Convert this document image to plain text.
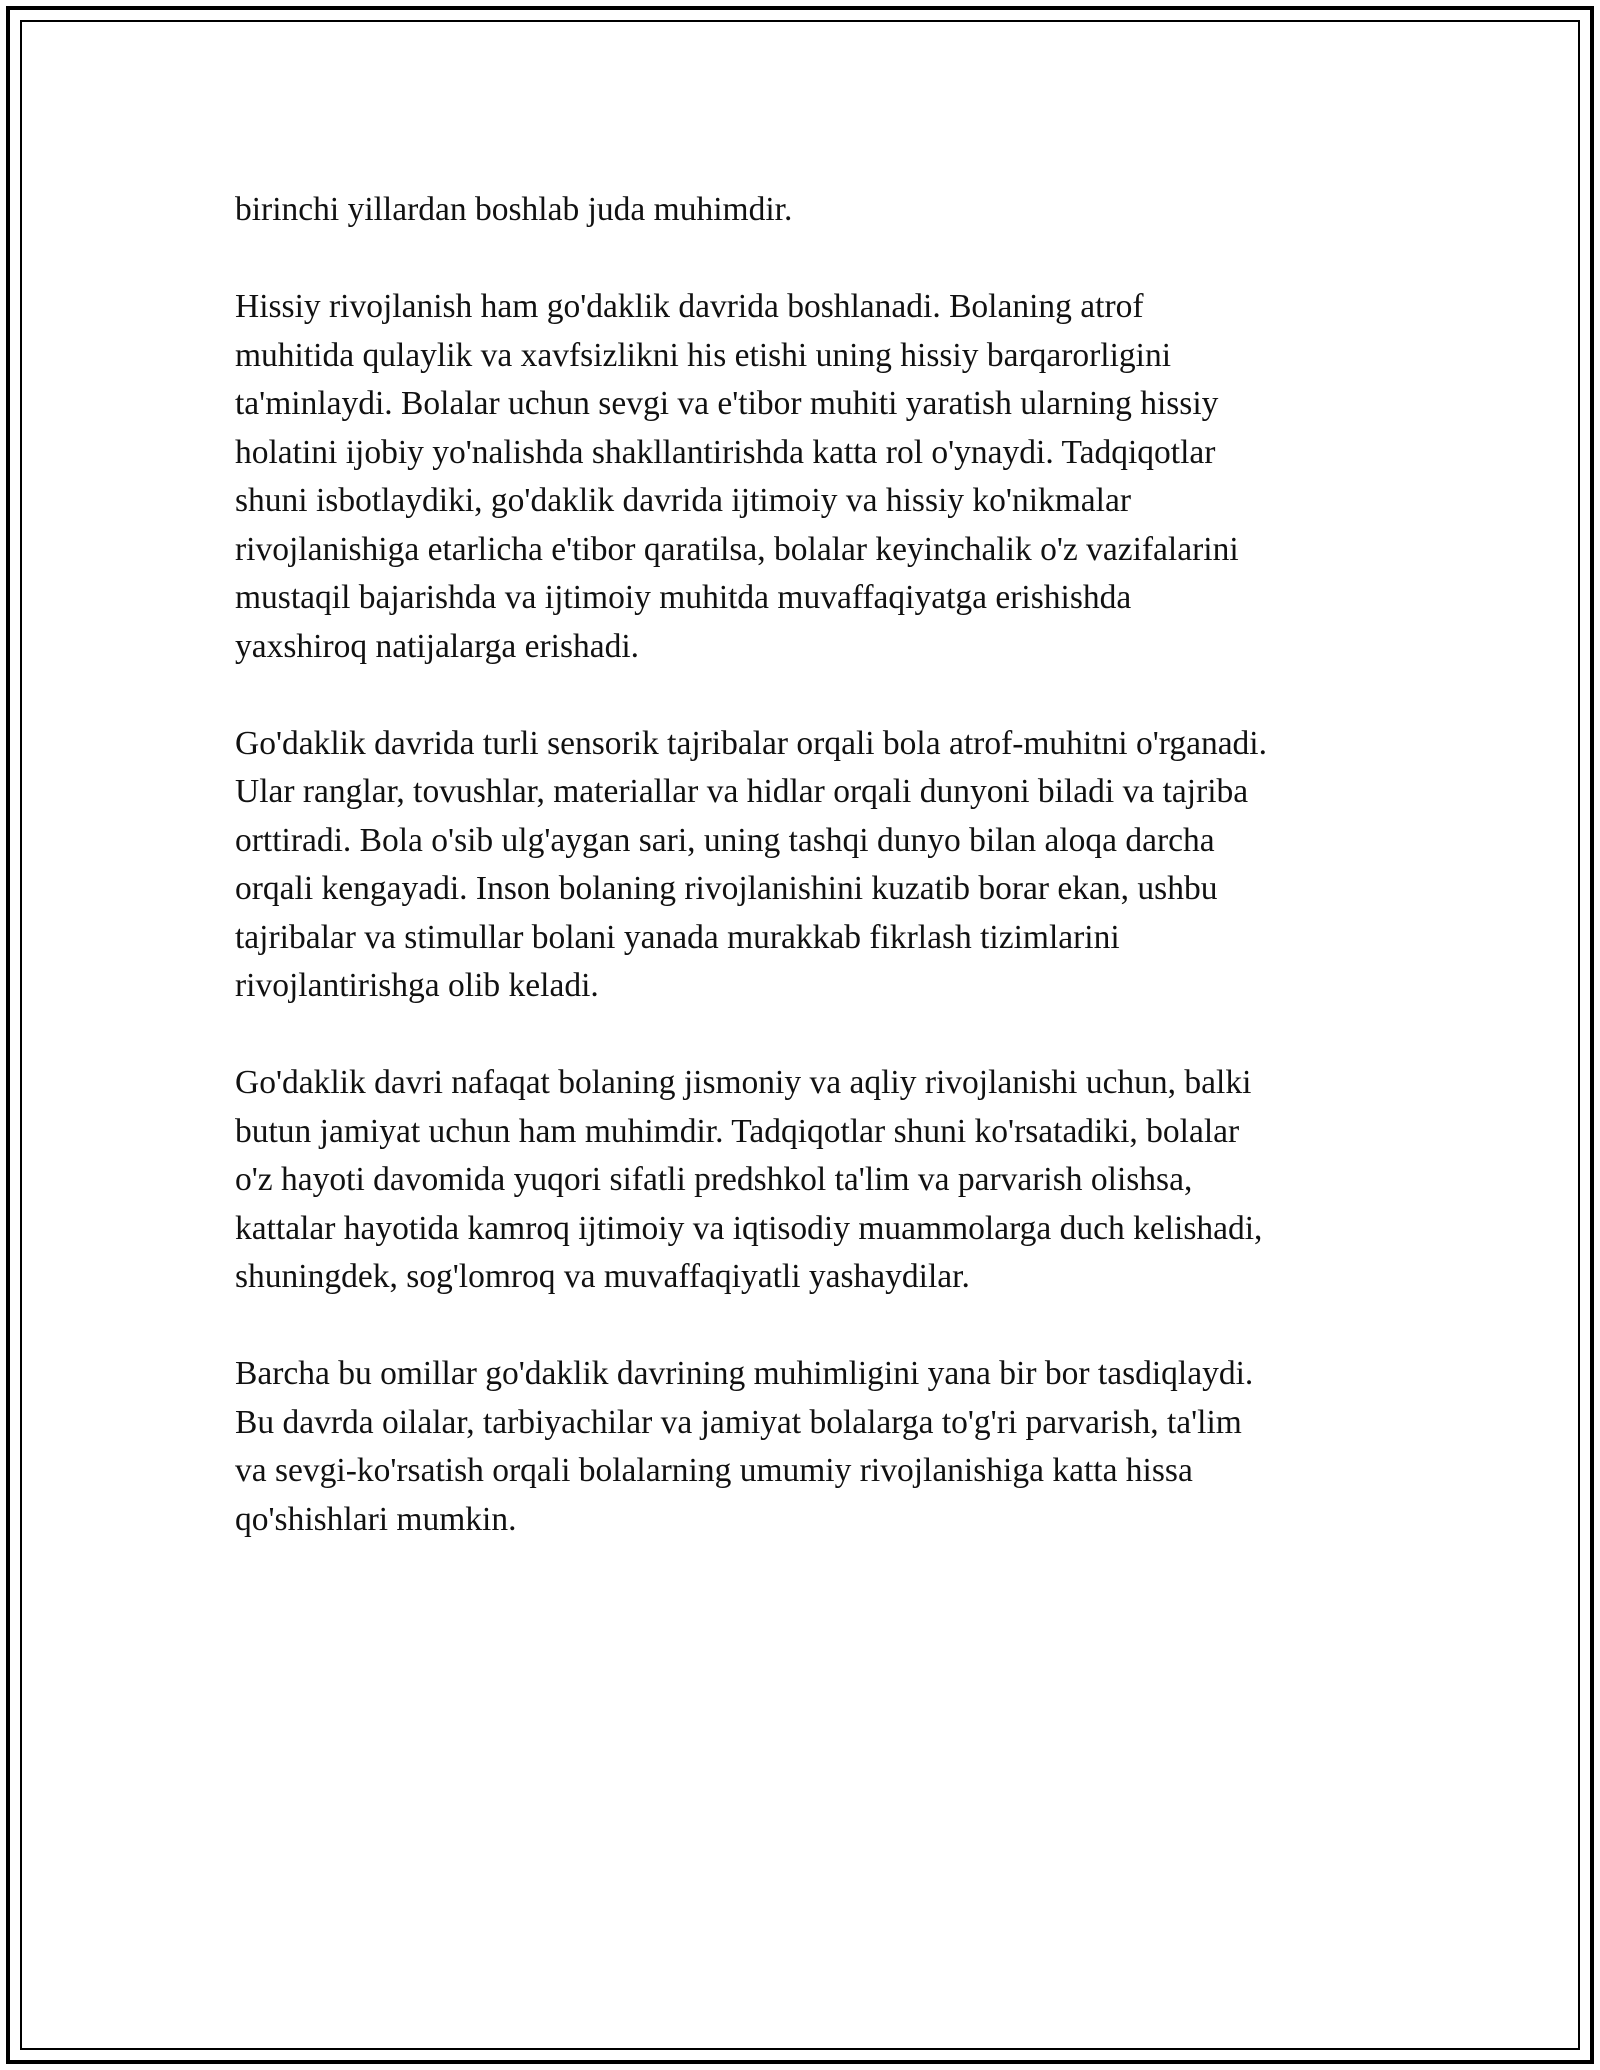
birinchi yillardan boshlab juda muhimdir.

Hissiy rivojlanish ham go'daklik davrida boshlanadi. Bolaning atrof
muhitida qulaylik va xavfsizlikni his etishi uning hissiy barqarorligini
ta'minlaydi. Bolalar uchun sevgi va e'tibor muhiti yaratish ularning hissiy
holatini ijobiy yo'nalishda shakllantirishda katta rol o'ynaydi. Tadqiqotlar
shuni isbotlaydiki, go'daklik davrida ijtimoiy va hissiy ko'nikmalar
rivojlanishiga etarlicha e'tibor qaratilsa, bolalar keyinchalik o'z vazifalarini
mustaqil bajarishda va ijtimoiy muhitda muvaffaqiyatga erishishda
yaxshiroq natijalarga erishadi.

Go'daklik davrida turli sensorik tajribalar orqali bola atrof-muhitni o'rganadi.
Ular ranglar, tovushlar, materiallar va hidlar orqali dunyoni biladi va tajriba
orttiradi. Bola o'sib ulg'aygan sari, uning tashqi dunyo bilan aloqa darcha
orqali kengayadi. Inson bolaning rivojlanishini kuzatib borar ekan, ushbu
tajribalar va stimullar bolani yanada murakkab fikrlash tizimlarini
rivojlantirishga olib keladi.

Go'daklik davri nafaqat bolaning jismoniy va aqliy rivojlanishi uchun, balki
butun jamiyat uchun ham muhimdir. Tadqiqotlar shuni ko'rsatadiki, bolalar
o'z hayoti davomida yuqori sifatli predshkol ta'lim va parvarish olishsa,
kattalar hayotida kamroq ijtimoiy va iqtisodiy muammolarga duch kelishadi,
shuningdek, sog'lomroq va muvaffaqiyatli yashaydilar.

Barcha bu omillar go'daklik davrining muhimligini yana bir bor tasdiqlaydi.
Bu davrda oilalar, tarbiyachilar va jamiyat bolalarga to'g'ri parvarish, ta'lim
va sevgi-ko'rsatish orqali bolalarning umumiy rivojlanishiga katta hissa
qo'shishlari mumkin.
